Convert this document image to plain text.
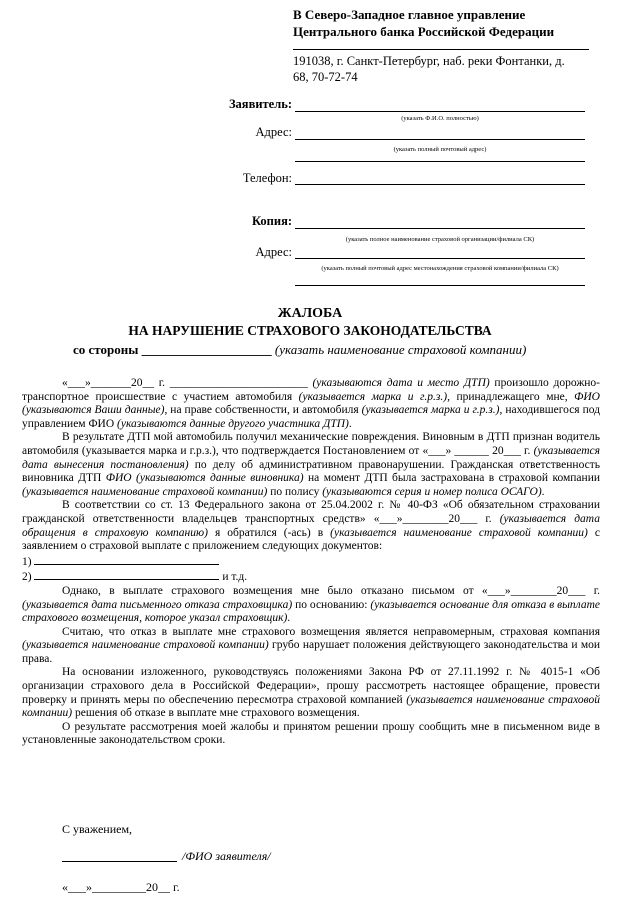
В Северо-Западное главное управление Центрального банка Российской Федерации
191038, г. Санкт-Петербург, наб. реки Фонтанки, д. 68, 70-72-74
Заявитель:
(указать Ф.И.О. полностью)
Адрес:
(указать полный почтовый адрес)
Телефон:
Копия:
(указать полное наименование страховой организации/филиала СК)
Адрес:
(указать полный почтовый адрес местонахождения страховой компании/филиала СК)
ЖАЛОБА
НА НАРУШЕНИЕ СТРАХОВОГО ЗАКОНОДАТЕЛЬСТВА
со стороны ____________________ (указать наименование страховой компании)

«___»_______20__ г. ________________________ (указываются дата и место ДТП) произошло дорожно-транспортное происшествие с участием автомобиля (указывается марка и г.р.з.), принадлежащего мне, ФИО (указываются Ваши данные), на праве собственности, и автомобиля (указывается марка и г.р.з.), находившегося под управлением ФИО (указываются данные другого участника ДТП).

В результате ДТП мой автомобиль получил механические повреждения. Виновным в ДТП признан водитель автомобиля (указывается марка и г.р.з.), что подтверждается Постановлением от «___» ______ 20___ г. (указывается дата вынесения постановления) по делу об административном правонарушении. Гражданская ответственность виновника ДТП ФИО (указываются данные виновника) на момент ДТП была застрахована в страховой компании (указывается наименование страховой компании) по полису (указываются серия и номер полиса ОСАГО).

В соответствии со ст. 13 Федерального закона от 25.04.2002 г. № 40-ФЗ «Об обязательном страховании гражданской ответственности владельцев транспортных средств» «___»________20___ г. (указывается дата обращения в страховую компанию) я обратился (-ась) в (указывается наименование страховой компании) с заявлением о страховой выплате с приложением следующих документов:

1)

2)	и т.д.

Однако, в выплате страхового возмещения мне было отказано письмом от «___»________20___ г. (указывается дата письменного отказа страховщика) по основанию: (указывается основание для отказа в выплате страхового возмещения, которое указал страховщик).

Считаю, что отказ в выплате мне страхового возмещения является неправомерным, страховая компания (указывается наименование страховой компании) грубо нарушает положения действующего законодательства и мои права.

На основании изложенного, руководствуясь положениями Закона РФ от 27.11.1992 г. № 4015-1 «Об организации страхового дела в Российской Федерации», прошу рассмотреть настоящее обращение, провести проверку и принять меры по обеспечению пересмотра страховой компанией (указывается наименование страховой компании) решения об отказе в выплате мне страхового возмещения.

О результате рассмотрения моей жалобы и принятом решении прошу сообщить мне в письменном виде в установленные законодательством сроки.

С уважением,
/ФИО заявителя/
«___»_________20__ г.
